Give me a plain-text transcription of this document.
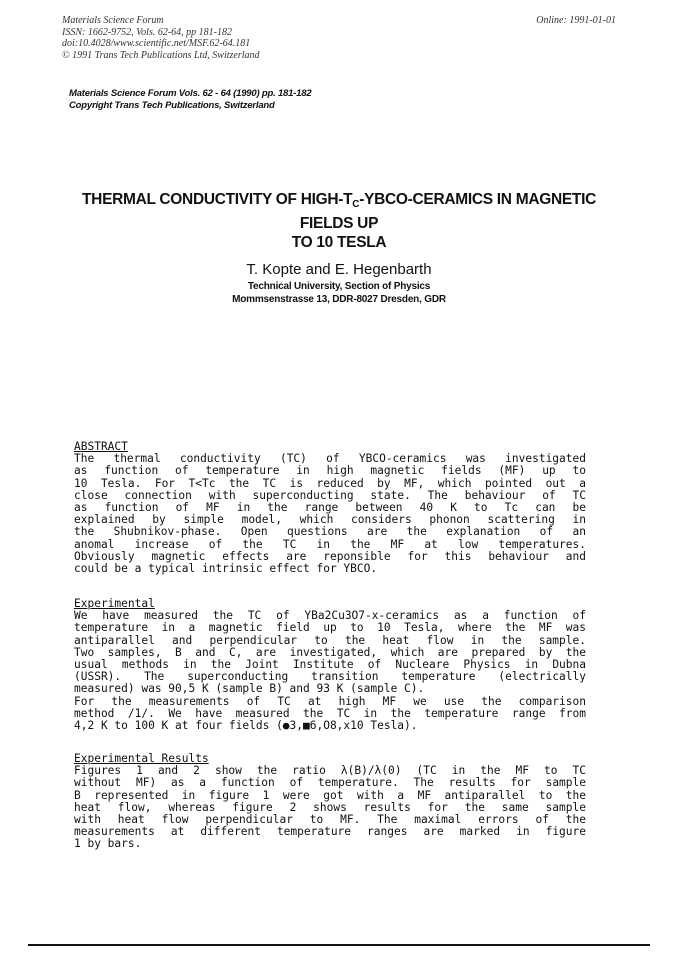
Materials Science Forum
ISSN: 1662-9752, Vols. 62-64, pp 181-182
doi:10.4028/www.scientific.net/MSF.62-64.181
© 1991 Trans Tech Publications Ltd, Switzerland
Online: 1991-01-01
Materials Science Forum Vols. 62 - 64 (1990) pp. 181-182
Copyright Trans Tech Publications, Switzerland
THERMAL CONDUCTIVITY OF HIGH-$T_C-YBCO$-CERAMICS IN MAGNETIC
FIELDS UP
TO 10 TESLA
T. Kopte and E. Hegenbarth
Technical University, Section of Physics
Mommsenstrasse 13, DDR-8027 Dresden, GDR
ABSTRACT
The thermal conductivity (TC) of YBCO-ceramics was investigated
as function of temperature in high magnetic fields (MF) up to
10 Tesla. For T<Tc the TC is reduced by MF, which pointed out a
close connection with superconducting state. The behaviour of TC
as function of MF in the range between 40 K to Tc can be
explained by simple model, which considers phonon scattering in
the Shubnikov-phase. Open questions are the explanation of an
anomal increase of the TC in the MF at low temperatures.
Obviously magnetic effects are reponsible for this behaviour and
could be a typical intrinsic effect for YBCO.
Experimental
We have measured the TC of YBa2Cu3O7-x-ceramics as a function of
temperature in a magnetic field up to 10 Tesla, where the MF was
antiparallel and perpendicular to the heat flow in the sample.
Two samples, B and C, are investigated, which are prepared by the
usual methods in the Joint Institute of Nucleare Physics in Dubna
(USSR). The superconducting transition temperature (electrically
measured) was 90,5 K (sample B) and 93 K (sample C).
For the measurements of TC at high MF we use the comparison
method /1/. We have measured the TC in the temperature range from
4,2 K to 100 K at four fields (●3,■6,O8,x10 Tesla).
Experimental Results
Figures 1 and 2 show the ratio λ(B)/λ(0) (TC in the MF to TC
without MF) as a function of temperature. The results for sample
B represented in figure 1 were got with a MF antiparallel to the
heat flow, whereas figure 2 shows results for the same sample
with heat flow perpendicular to MF. The maximal errors of the
measurements at different temperature ranges are marked in figure
1 by bars.
